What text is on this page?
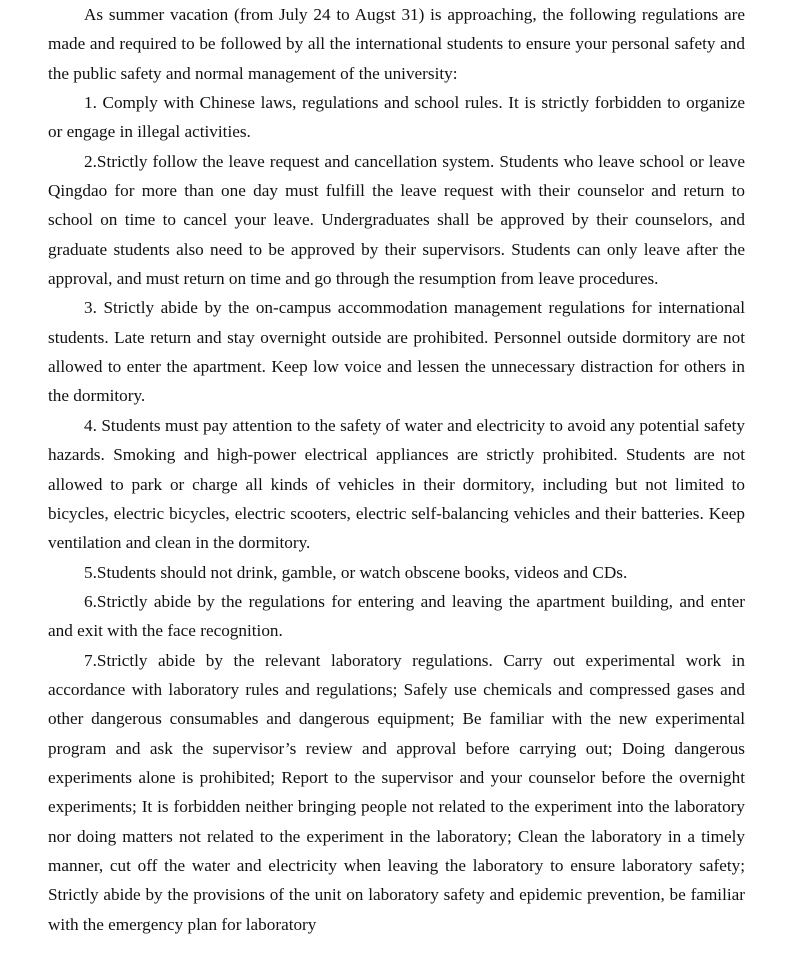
As summer vacation (from July 24 to Augst 31) is approaching, the following regulations are made and required to be followed by all the international students to ensure your personal safety and the public safety and normal management of the university:

1. Comply with Chinese laws, regulations and school rules. It is strictly forbidden to organize or engage in illegal activities.

2.Strictly follow the leave request and cancellation system. Students who leave school or leave Qingdao for more than one day must fulfill the leave request with their counselor and return to school on time to cancel your leave. Undergraduates shall be approved by their counselors, and graduate students also need to be approved by their supervisors. Students can only leave after the approval, and must return on time and go through the resumption from leave procedures.

3. Strictly abide by the on-campus accommodation management regulations for international students. Late return and stay overnight outside are prohibited. Personnel outside dormitory are not allowed to enter the apartment. Keep low voice and lessen the unnecessary distraction for others in the dormitory.

4. Students must pay attention to the safety of water and electricity to avoid any potential safety hazards. Smoking and high-power electrical appliances are strictly prohibited. Students are not allowed to park or charge all kinds of vehicles in their dormitory, including but not limited to bicycles, electric bicycles, electric scooters, electric self-balancing vehicles and their batteries. Keep ventilation and clean in the dormitory.

5.Students should not drink, gamble, or watch obscene books, videos and CDs.

6.Strictly abide by the regulations for entering and leaving the apartment building, and enter and exit with the face recognition.

7.Strictly abide by the relevant laboratory regulations. Carry out experimental work in accordance with laboratory rules and regulations; Safely use chemicals and compressed gases and other dangerous consumables and dangerous equipment; Be familiar with the new experimental program and ask the supervisor’s review and approval before carrying out; Doing dangerous experiments alone is prohibited; Report to the supervisor and your counselor before the overnight experiments; It is forbidden neither bringing people not related to the experiment into the laboratory nor doing matters not related to the experiment in the laboratory; Clean the laboratory in a timely manner, cut off the water and electricity when leaving the laboratory to ensure laboratory safety; Strictly abide by the provisions of the unit on laboratory safety and epidemic prevention, be familiar with the emergency plan for laboratory
